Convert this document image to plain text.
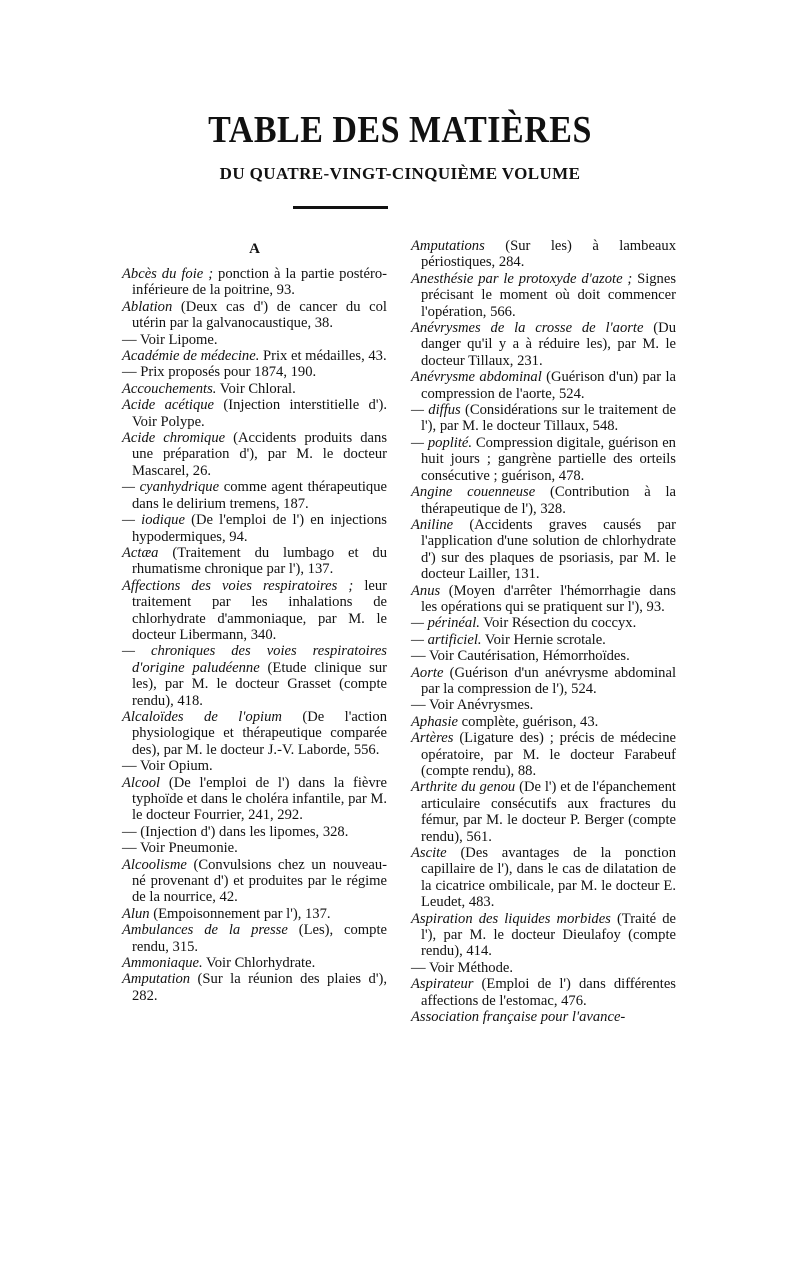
TABLE DES MATIÈRES
DU QUATRE-VINGT-CINQUIÈME VOLUME
A
Abcès du foie ; ponction à la partie postéro-inférieure de la poitrine, 93.
Ablation (Deux cas d') de cancer du col utérin par la galvanocaustique, 38.
— Voir Lipome.
Académie de médecine. Prix et médailles, 43.
— Prix proposés pour 1874, 190.
Accouchements. Voir Chloral.
Acide acétique (Injection interstitielle d'). Voir Polype.
Acide chromique (Accidents produits dans une préparation d'), par M. le docteur Mascarel, 26.
— cyanhydrique comme agent thérapeutique dans le delirium tremens, 187.
— iodique (De l'emploi de l') en injections hypodermiques, 94.
Actæa (Traitement du lumbago et du rhumatisme chronique par l'), 137.
Affections des voies respiratoires ; leur traitement par les inhalations de chlorhydrate d'ammoniaque, par M. le docteur Libermann, 340.
— chroniques des voies respiratoires d'origine paludéenne (Etude clinique sur les), par M. le docteur Grasset (compte rendu), 418.
Alcaloïdes de l'opium (De l'action physiologique et thérapeutique comparée des), par M. le docteur J.-V. Laborde, 556.
— Voir Opium.
Alcool (De l'emploi de l') dans la fièvre typhoïde et dans le choléra infantile, par M. le docteur Fourrier, 241, 292.
— (Injection d') dans les lipomes, 328.
— Voir Pneumonie.
Alcoolisme (Convulsions chez un nouveau-né provenant d') et produites par le régime de la nourrice, 42.
Alun (Empoisonnement par l'), 137.
Ambulances de la presse (Les), compte rendu, 315.
Ammoniaque. Voir Chlorhydrate.
Amputation (Sur la réunion des plaies d'), 282.
Amputations (Sur les) à lambeaux périostiques, 284.
Anesthésie par le protoxyde d'azote ; Signes précisant le moment où doit commencer l'opération, 566.
Anévrysmes de la crosse de l'aorte (Du danger qu'il y a à réduire les), par M. le docteur Tillaux, 231.
Anévrysme abdominal (Guérison d'un) par la compression de l'aorte, 524.
— diffus (Considérations sur le traitement de l'), par M. le docteur Tillaux, 548.
— poplité. Compression digitale, guérison en huit jours ; gangrène partielle des orteils consécutive ; guérison, 478.
Angine couenneuse (Contribution à la thérapeutique de l'), 328.
Aniline (Accidents graves causés par l'application d'une solution de chlorhydrate d') sur des plaques de psoriasis, par M. le docteur Lailler, 131.
Anus (Moyen d'arrêter l'hémorrhagie dans les opérations qui se pratiquent sur l'), 93.
— périnéal. Voir Résection du coccyx.
— artificiel. Voir Hernie scrotale.
— Voir Cautérisation, Hémorrhoïdes.
Aorte (Guérison d'un anévrysme abdominal par la compression de l'), 524.
— Voir Anévrysmes.
Aphasie complète, guérison, 43.
Artères (Ligature des) ; précis de médecine opératoire, par M. le docteur Farabeuf (compte rendu), 88.
Arthrite du genou (De l') et de l'épanchement articulaire consécutifs aux fractures du fémur, par M. le docteur P. Berger (compte rendu), 561.
Ascite (Des avantages de la ponction capillaire de l'), dans le cas de dilatation de la cicatrice ombilicale, par M. le docteur E. Leudet, 483.
Aspiration des liquides morbides (Traité de l'), par M. le docteur Dieulafoy (compte rendu), 414.
— Voir Méthode.
Aspirateur (Emploi de l') dans différentes affections de l'estomac, 476.
Association française pour l'avance-
